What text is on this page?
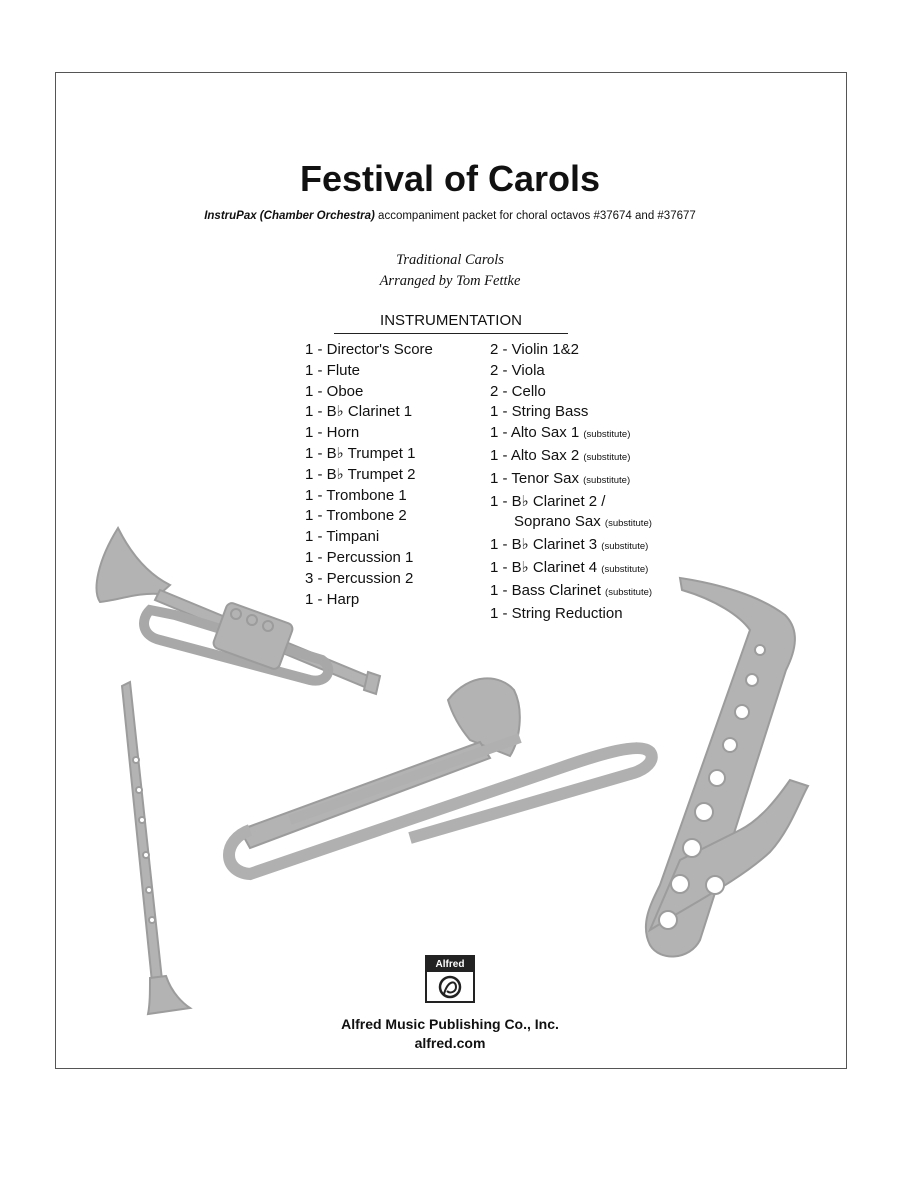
Festival of Carols
InstruPax (Chamber Orchestra) accompaniment packet for choral octavos #37674 and #37677
Traditional Carols
Arranged by Tom Fettke
INSTRUMENTATION
1 - Director's Score
1 - Flute
1 - Oboe
1 - B♭ Clarinet 1
1 - Horn
1 - B♭ Trumpet 1
1 - B♭ Trumpet 2
1 - Trombone 1
1 - Trombone 2
1 - Timpani
1 - Percussion 1
3 - Percussion 2
1 - Harp
2 - Violin 1&2
2 - Viola
2 - Cello
1 - String Bass
1 - Alto Sax 1 (substitute)
1 - Alto Sax 2 (substitute)
1 - Tenor Sax (substitute)
1 - B♭ Clarinet 2 /
Soprano Sax (substitute)
1 - B♭ Clarinet 3 (substitute)
1 - B♭ Clarinet 4 (substitute)
1 - Bass Clarinet (substitute)
1 - String Reduction
Alfred
Alfred Music Publishing Co., Inc.
alfred.com
